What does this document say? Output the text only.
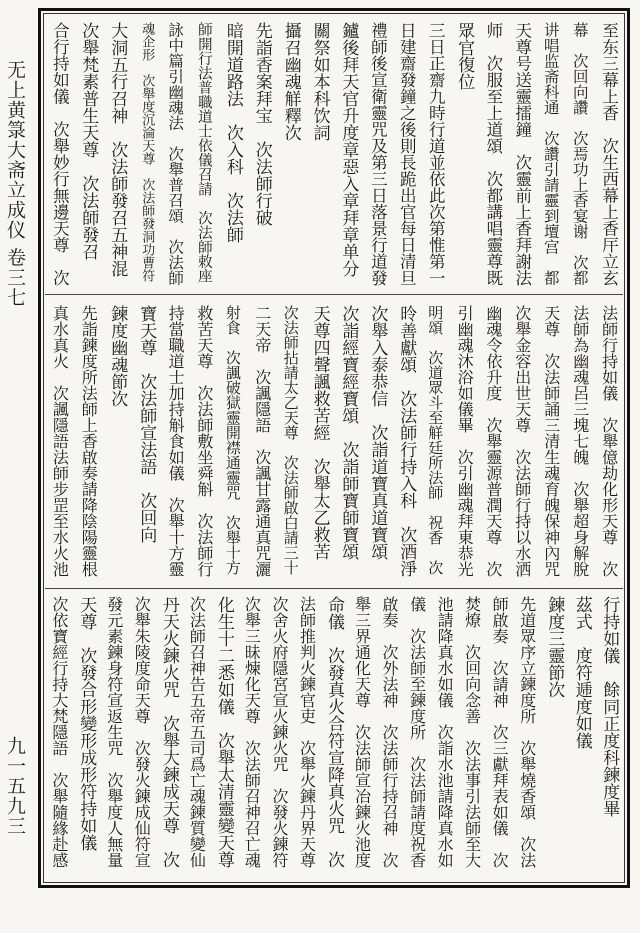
无上黄箓大斋立成仪 卷三七
九一五九三
至东三幕上香　次生西幕上香厈立玄
幕　次回向讚　次焉功上香宴谢　次都
讲唱监斋科通　次讚引請靈到壇宫　都
天尊号送靈擂鐘　次靈前上香拜謝法
师　次服至上道頌　次都講唱靈尊既
眾官復位
三日正齋九時行道並依此次第惟第一
日建齋發鐘之後則長跪出官每日清旦
禮師後宣衛靈咒及第三日落景行道發
鑪後拜天官升度章惡入章拜章单分
關祭如本科饮詞
攝召幽魂觧釋次
先詣香案拜宝　次法師行破
暗開道路法　次入科　次法師
師開行法普職道士依儀召請　次法師敕座
詠中篇引幽魂法　次舉普召頌　次法師
魂企形　次舉度沉淪天尊　次法師發洞功曹符
大洞五行召神　次法師發召五神混
次舉梵素普生天尊　次法師發召
合行持如儀　次舉妙行無邊天尊　次
法師行持如儀　次舉億劫化形天尊　次
法師為幽魂呂三塊七魄　次舉超身解脫
天尊　次法師誦三清生魂育魄保神內咒
次舉金容出世天尊　次法師行持以水洒
幽魂令依升度　次舉靈源普潤天尊　次
引幽魂沐浴如儀畢　次引幽魂拜東恭光
明頌　次道眾斗至觧廷所法師　祝香　次
昤善獻頌　次法師行持入科　次酒淨
次舉入泰恭信　次詣道寶真道寶頌
次詣經寶經寶頌　次詣師寶師寶頌
天尊四聲諷救苦經　次舉太乙救苦
次法師拈請太乙天尊　次法師啟白請三十
二天帝　次諷隱語　次諷甘露通真咒灑
射食　次諷破獄靈開襟通靈咒　次舉十方
救苦天尊　次法師敷坐舜斛　次法師行
持當職道士加持斛食如儀　次舉十方靈
寶天尊　次法師宣法語　次回向
鍊度幽魂節次
先詣鍊度所法師上香啟奏請降陰陽靈根
真水真火　次諷隱語法師步罡至水火池
行持如儀　餘同正度科鍊度畢
茲式　度符逓度如儀
鍊度三靈節次
先道眾序立鍊度所　次舉燒香頌　次法
師啟奏　次請神　次三獻拜表如儀　次
焚燎　次回向念善　次法事引法師至大
池請降真水如儀　次詣水池請降真水如
儀　次法師至鍊度所　次法師請度祝香
啟奏　次外法神　次法師行持召神　次
舉三界通化天尊　次法師宣冶鍊火池度
命儀　次發真火合符宣降真火咒　次
法師推判火鍊官吏　次舉火鍊丹界天尊
次舍火府隱宮宣火鍊火咒　次發火鍊符
次舉三昧煉化天尊　次法師召神召亡魂
化生十二悉如儀　次舉太清靈變天尊
次法師召神告五帝五司爲亡魂鍊質變仙
丹天火鍊火咒　次舉大鍊成天尊　次
次舉朱陵度命天尊　次發火鍊成仙符宣
發元素鍊身符宣返生咒　次舉度人無量
天尊　次發合形變形成形符持如儀
次依寶經行持大梵隱語　次舉隨緣赴感
